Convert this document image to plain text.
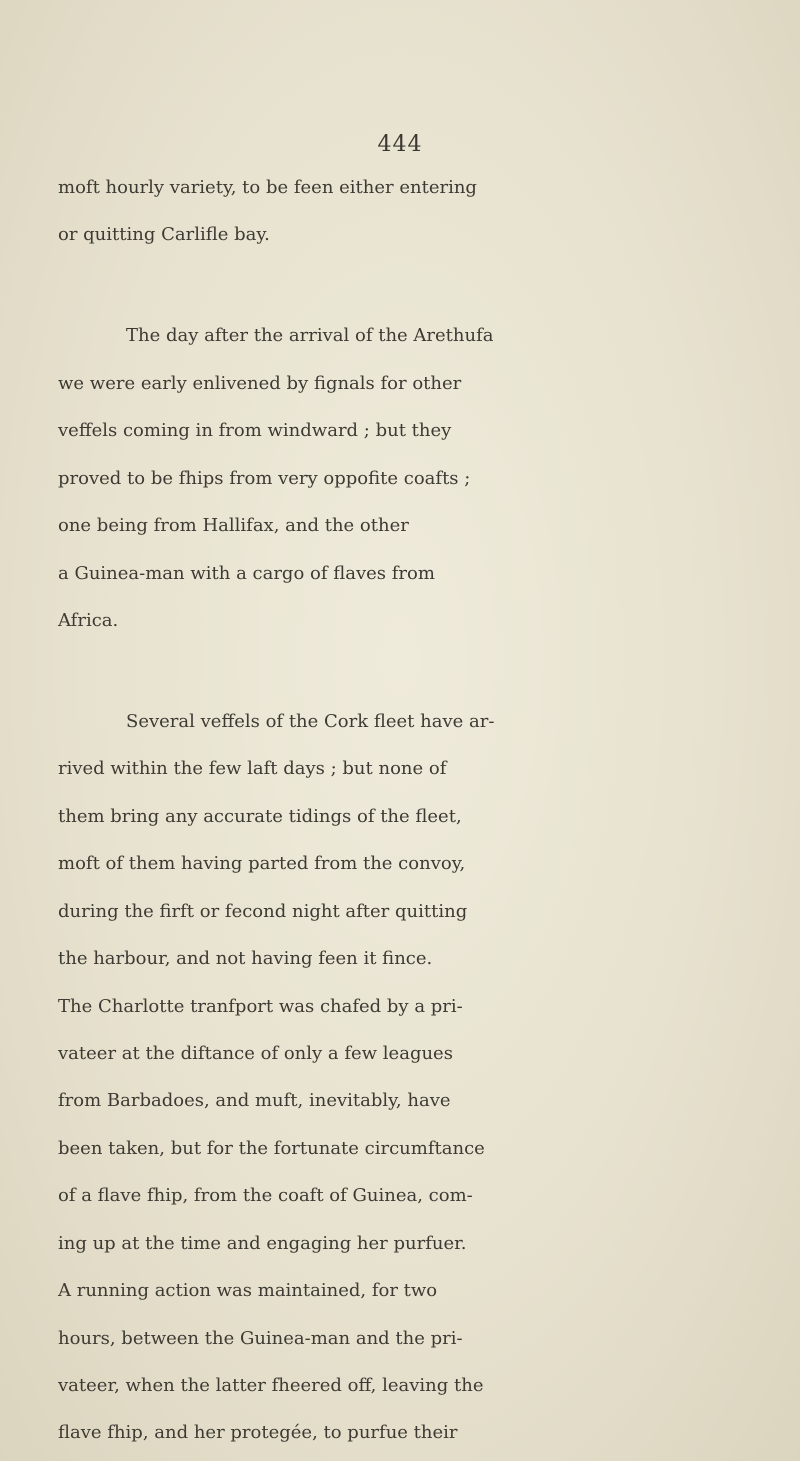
444
moft hourly variety, to be feen either entering
or quitting Carlifle bay.
The day after the arrival of the Arethufa
we were early enlivened by fignals for other
veffels coming in from windward ; but they
proved to be fhips from very oppofite coafts ;
one being from Hallifax, and the other
a Guinea-man with a cargo of flaves from
Africa.
Several veffels of the Cork fleet have ar-
rived within the few laft days ; but none of
them bring any accurate tidings of the fleet,
moft of them having parted from the convoy,
during the firft or fecond night after quitting
the harbour, and not having feen it fince.
The Charlotte tranfport was chafed by a pri-
vateer at the diftance of only a few leagues
from Barbadoes, and muft, inevitably, have
been taken, but for the fortunate circumftance
of a flave fhip, from the coaft of Guinea, com-
ing up at the time and engaging her purfuer.
A running action was maintained, for two
hours, between the Guinea-man and the pri-
vateer, when the latter fheered off, leaving the
flave fhip, and her protegée, to purfue their
